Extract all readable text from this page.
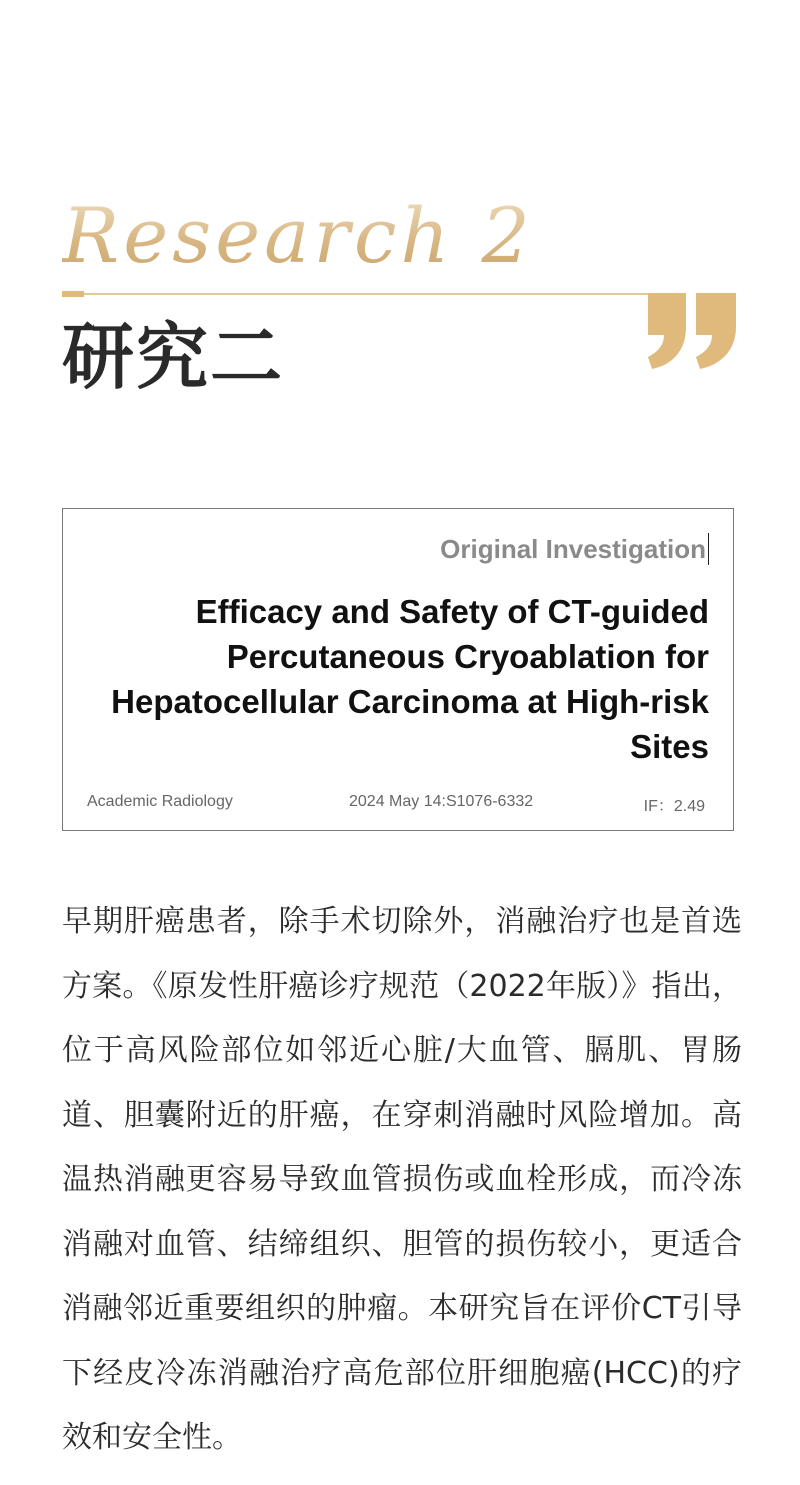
Research 2
研究二
Original Investigation
Efficacy and Safety of CT-guided Percutaneous Cryoablation for Hepatocellular Carcinoma at High-risk Sites
Academic Radiology	2024 May 14:S1076-6332	IF：2.49

早期肝癌患者，除手术切除外，消融治疗也是首选方案。《原发性肝癌诊疗规范（2022年版）》指出，位于高风险部位如邻近心脏/大血管、膈肌、胃肠道、胆囊附近的肝癌，在穿刺消融时风险增加。高温热消融更容易导致血管损伤或血栓形成，而冷冻消融对血管、结缔组织、胆管的损伤较小，更适合消融邻近重要组织的肿瘤。本研究旨在评价CT引导下经皮冷冻消融治疗高危部位肝细胞癌(HCC)的疗效和安全性。
